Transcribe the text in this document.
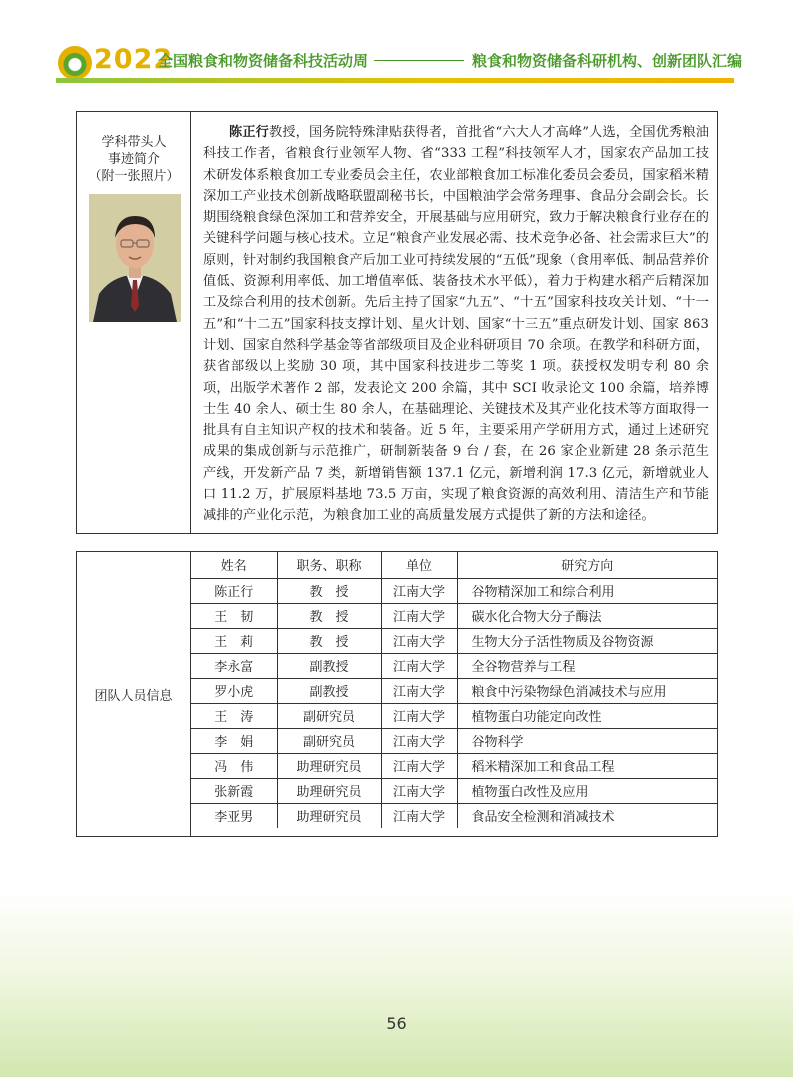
2022
全国粮食和物资储备科技活动周	粮食和物资储备科研机构、创新团队汇编
学科带头人
事迹简介
（附一张照片）
陈正行教授，国务院特殊津贴获得者，首批省“六大人才高峰”人选，全国优秀粮油科技工作者，省粮食行业领军人物、省“333 工程”科技领军人才，国家农产品加工技术研发体系粮食加工专业委员会主任，农业部粮食加工标准化委员会委员，国家稻米精深加工产业技术创新战略联盟副秘书长，中国粮油学会常务理事、食品分会副会长。长期围绕粮食绿色深加工和营养安全，开展基础与应用研究，致力于解决粮食行业存在的关键科学问题与核心技术。立足“粮食产业发展必需、技术竞争必备、社会需求巨大”的原则，针对制约我国粮食产后加工业可持续发展的“五低”现象（食用率低、制品营养价值低、资源利用率低、加工增值率低、装备技术水平低），着力于构建水稻产后精深加工及综合利用的技术创新。先后主持了国家“九五”、“十五”国家科技攻关计划、“十一五”和“十二五”国家科技支撑计划、星火计划、国家“十三五”重点研发计划、国家 863 计划、国家自然科学基金等省部级项目及企业科研项目 70 余项。在教学和科研方面，获省部级以上奖励 30 项，其中国家科技进步二等奖 1 项。获授权发明专利 80 余项，出版学术著作 2 部，发表论文 200 余篇，其中 SCI 收录论文 100 余篇，培养博士生 40 余人、硕士生 80 余人，在基础理论、关键技术及其产业化技术等方面取得一批具有自主知识产权的技术和装备。近 5 年，主要采用产学研用方式，通过上述研究成果的集成创新与示范推广，研制新装备 9 台 / 套，在 26 家企业新建 28 条示范生产线，开发新产品 7 类，新增销售额 137.1 亿元，新增利润 17.3 亿元，新增就业人口 11.2 万，扩展原料基地 73.5 万亩，实现了粮食资源的高效利用、清洁生产和节能减排的产业化示范，为粮食加工业的高质量发展方式提供了新的方法和途径。
团队人员信息
姓名	职务、职称	单位	研究方向
陈正行	教　授	江南大学	谷物精深加工和综合利用
王　韧	教　授	江南大学	碳水化合物大分子酶法
王　莉	教　授	江南大学	生物大分子活性物质及谷物资源
李永富	副教授	江南大学	全谷物营养与工程
罗小虎	副教授	江南大学	粮食中污染物绿色消减技术与应用
王　涛	副研究员	江南大学	植物蛋白功能定向改性
李　娟	副研究员	江南大学	谷物科学
冯　伟	助理研究员	江南大学	稻米精深加工和食品工程
张新霞	助理研究员	江南大学	植物蛋白改性及应用
李亚男	助理研究员	江南大学	食品安全检测和消减技术
56
